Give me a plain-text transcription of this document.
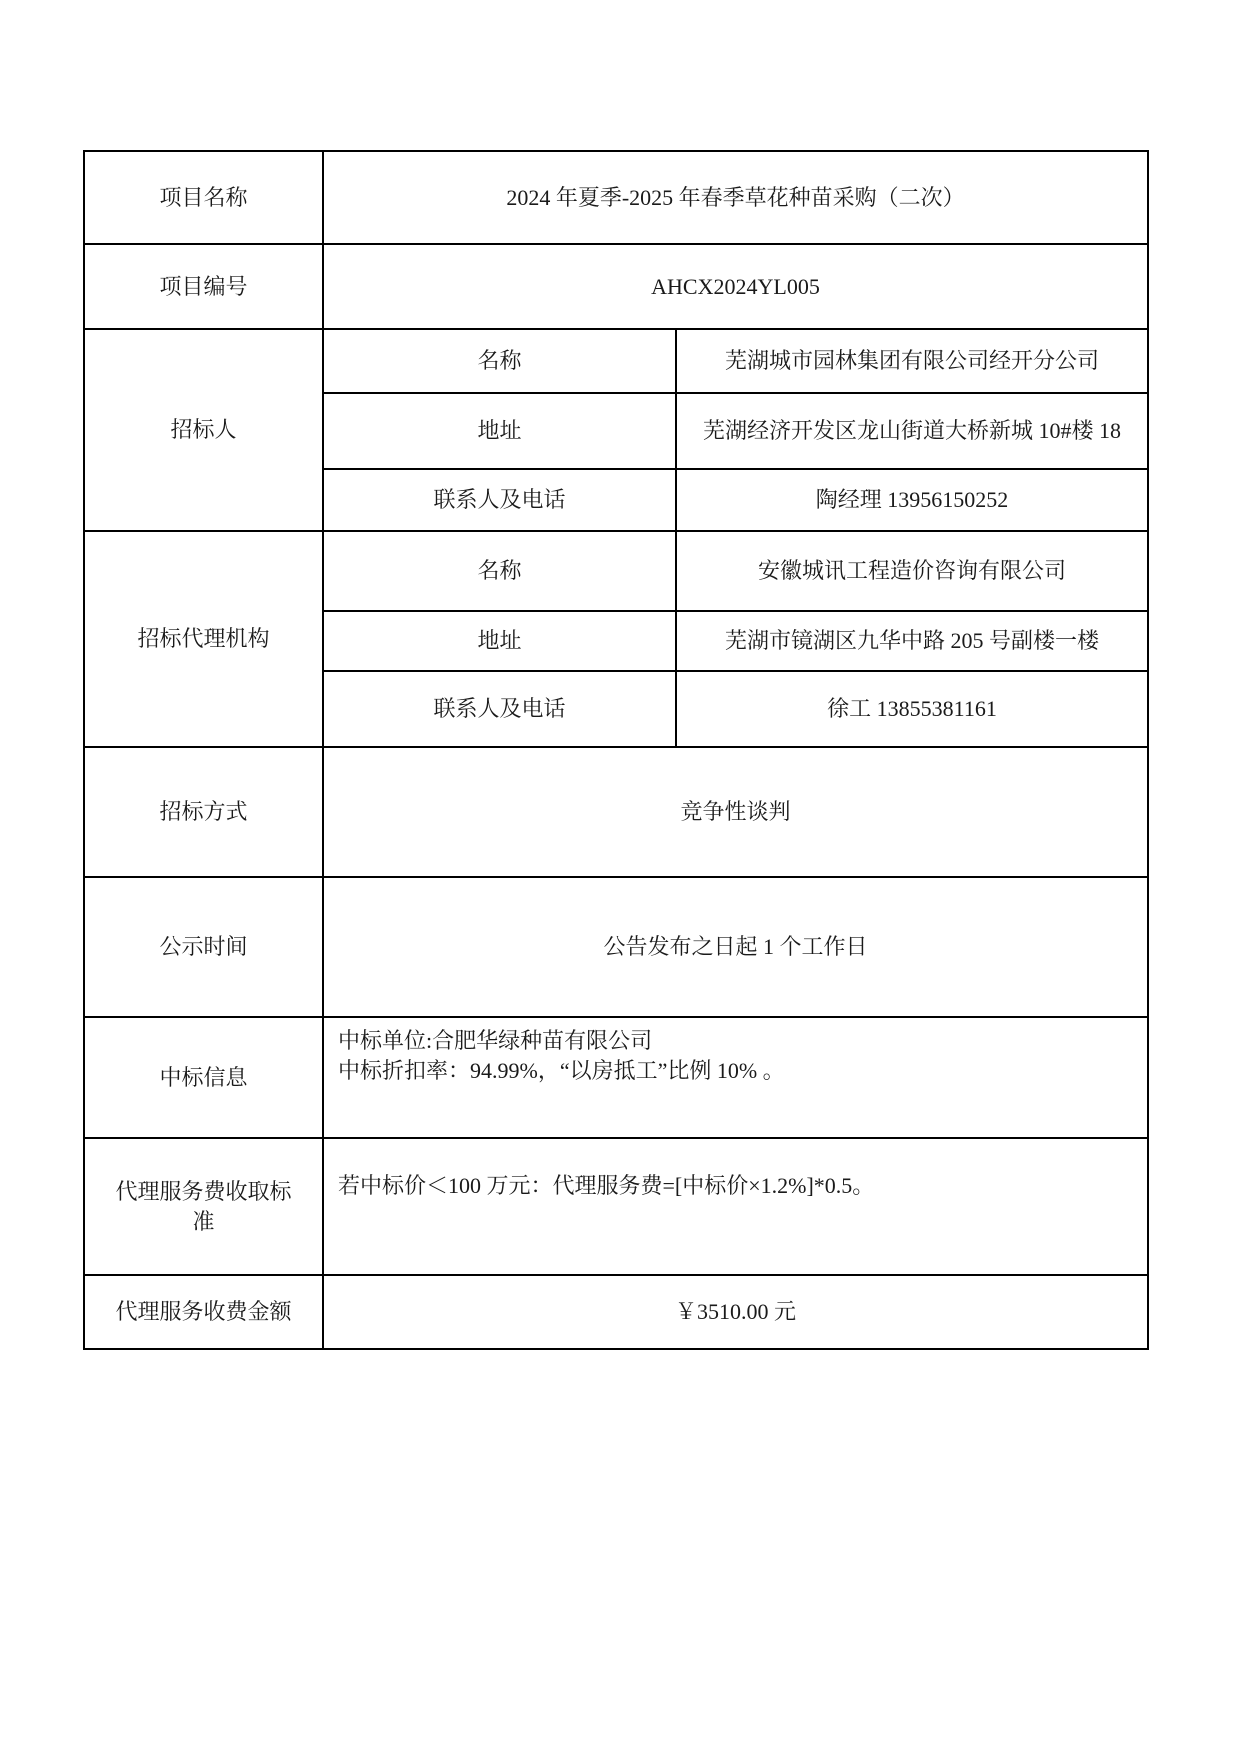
项目名称	2024 年夏季-2025 年春季草花种苗采购（二次）	
项目编号	AHCX2024YL005	
招标人	名称	芜湖城市园林集团有限公司经开分公司
	地址	芜湖经济开发区龙山街道大桥新城 10#楼 18
	联系人及电话	陶经理 13956150252
招标代理机构	名称	安徽城讯工程造价咨询有限公司
	地址	芜湖市镜湖区九华中路 205 号副楼一楼
	联系人及电话	徐工 13855381161
招标方式	竞争性谈判	
公示时间	公告发布之日起 1 个工作日	
中标信息	中标单位:合肥华绿种苗有限公司
中标折扣率：94.99%，“以房抵工”比例 10% 。	

代理服务费收取标准	若中标价＜100 万元：代理服务费=[中标价×1.2%]*0.5。	
代理服务收费金额	￥3510.00 元	
